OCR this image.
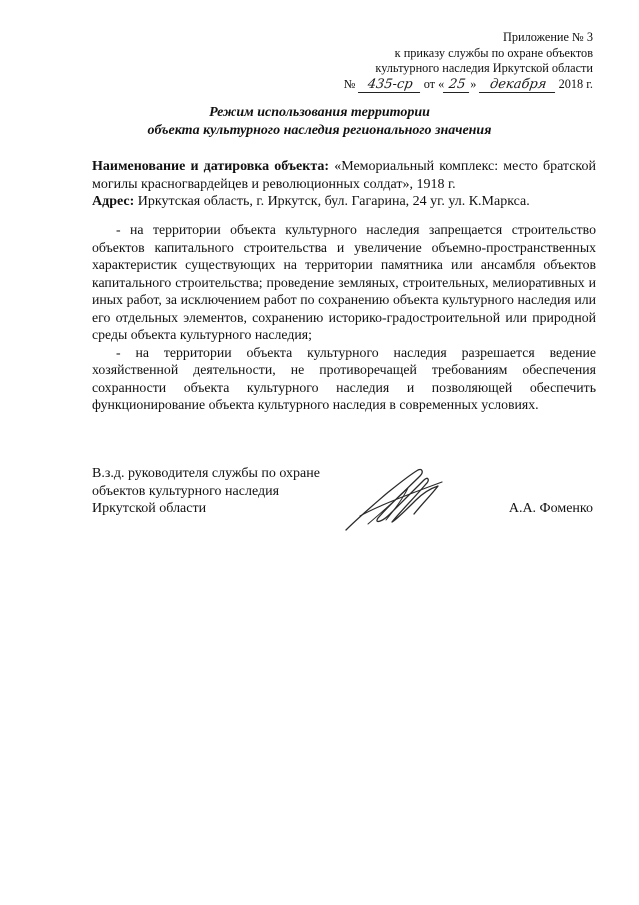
Приложение № 3
к приказу службы по охране объектов
культурного наследия Иркутской области
№ 435-ср от « 25 » декабря 2018 г.
Режим использования территории
объекта культурного наследия регионального значения

Наименование и датировка объекта: «Мемориальный комплекс: место братской могилы красногвардейцев и революционных солдат», 1918 г.

Адрес: Иркутская область, г. Иркутск, бул. Гагарина, 24 уг. ул. К.Маркса.

- на территории объекта культурного наследия запрещается строительство объектов капитального строительства и увеличение объемно-пространственных характеристик существующих на территории памятника или ансамбля объектов капитального строительства; проведение земляных, строительных, мелиоративных и иных работ, за исключением работ по сохранению объекта культурного наследия или его отдельных элементов, сохранению историко-градостроительной или природной среды объекта культурного наследия;

- на территории объекта культурного наследия разрешается ведение хозяйственной деятельности, не противоречащей требованиям обеспечения сохранности объекта культурного наследия и позволяющей обеспечить функционирование объекта культурного наследия в современных условиях.

В.з.д. руководителя службы по охране
объектов культурного наследия
Иркутской области	А.А. Фоменко
